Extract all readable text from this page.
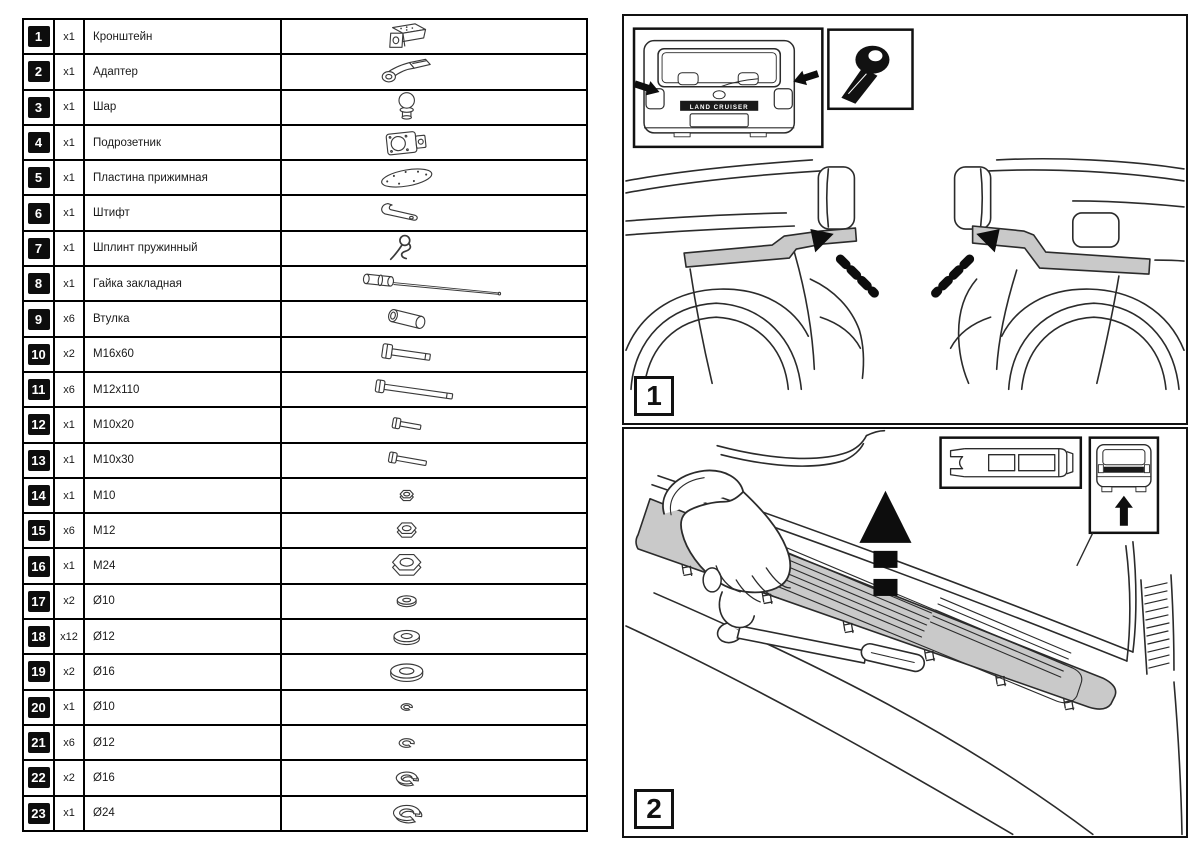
1	x1	Кронштейн
2	x1	Адаптер
3	x1	Шар
4	x1	Подрозетник
5	x1	Пластина прижимная
6	x1	Штифт
7	x1	Шплинт пружинный
8	x1	Гайка закладная
9	x6	Втулка
10	x2	M16x60
11	x6	M12x110
12	x1	M10x20
13	x1	M10x30
14	x1	M10
15	x6	M12
16	x1	M24
17	x2	Ø10
18	x12	Ø12
19	x2	Ø16
20	x1	Ø10
21	x6	Ø12
22	x2	Ø16
23	x1	Ø24
LAND CRUISER
1
2
